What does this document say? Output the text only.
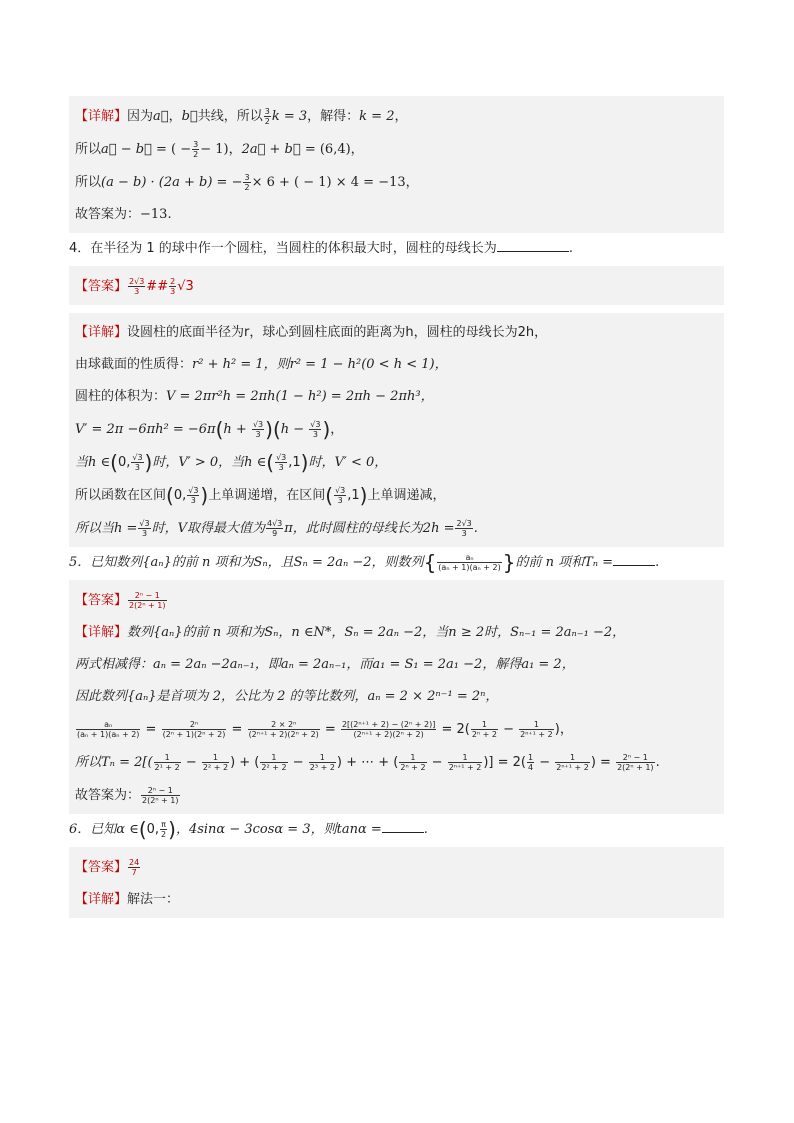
【详解】因为a⃗，b⃗共线，所以 $\frac{3}{2}$ k = 3，解得：k = 2，
所以a⃗ − b⃗ = ( − $\frac{3}{2} - 1$)，2a⃗ + b⃗ = (6,4)，
所以(a − b) · (2a + b) = − $\frac{3}{2} \times 6$ + ( − 1) × 4 = −13，
故答案为：−13.
4．在半径为 1 的球中作一个圆柱，当圆柱的体积最大时，圆柱的母线长为	.
【答案】 $\frac{2√3}{3}$ ## $\frac{2}{3} √3$
【详解】设圆柱的底面半径为r，球心到圆柱底面的距离为h，圆柱的母线长为2h，
由球截面的性质得：r² + h² = 1，则r² = 1 − h²(0 < h < 1)，
圆柱的体积为：V = 2πr²h = 2πh(1 − h²) = 2πh − 2πh³，
$V' = 2\pi -6\pi h^2 = -6\pi(h + \frac{√3}{3} )(h - \frac{√3}{3}$ )，
当h ∈(0, $\frac{√3}{3}$ )时，V′ > 0，当h ∈( $\frac{√3}{3} ,1$)时，V′ < 0，
所以函数在区间(0, $\frac{√3}{3}$ )上单调递增，在区间( $\frac{√3}{3} ,1$)上单调递减，
所以当$h = \frac{√3}{3}$ 时，V取得最大值为 $\frac{4√3}{9}$ π，此时圆柱的母线长为$2h = \frac{2√3}{3}$ .
5．已知数列{aₙ}的前 n 项和为Sₙ，且Sₙ = 2aₙ −2，则数列{ $\frac{\text{aₙ}}{\text{(aₙ + 1)(aₙ + 2)}}$ }的前 n 项和Tₙ =	.
【答案】 $\frac{\text{2ⁿ − 1}}{\text{2(2ⁿ + 1)}}$
【详解】数列{aₙ}的前 n 项和为Sₙ，n ∈N*，Sₙ = 2aₙ −2，当n ≥ 2时，Sₙ₋₁ = 2aₙ₋₁ −2，
两式相减得：aₙ = 2aₙ −2aₙ₋₁，即aₙ = 2aₙ₋₁，而a₁ = S₁ = 2a₁ −2，解得a₁ = 2，
因此数列{aₙ}是首项为 2，公比为 2 的等比数列，aₙ = 2 × 2ⁿ⁻¹ = 2ⁿ，
$\frac{\text{aₙ}}{\text{(aₙ + 1)(aₙ + 2)}} = \frac{\text{2ⁿ}}{\text{(2ⁿ + 1)(2ⁿ + 2)}} = \frac{\text{2 × 2ⁿ}}{\text{(2ⁿ⁺¹ + 2)(2ⁿ + 2)}} = \frac{\text{2[(2ⁿ⁺¹ + 2) − (2ⁿ + 2)]}}{\text{(2ⁿ⁺¹ + 2)(2ⁿ + 2)}} = 2( \frac{1}{\text{2ⁿ + 2}} - \frac{1}{\text{2ⁿ⁺¹ + 2}}$ )，
所以$T_n = 2[( \frac{1}{\text{2¹ + 2}} - \frac{1}{\text{2² + 2}}$ ) + ( $\frac{1}{\text{2² + 2}} - \frac{1}{\text{2³ + 2}}$ ) + ⋯ + ( $\frac{1}{\text{2ⁿ + 2}} - \frac{1}{\text{2ⁿ⁺¹ + 2}}$ )] = $2( \frac{1}{4} - \frac{1}{\text{2ⁿ⁺¹ + 2}}$ ) = $\frac{\text{2ⁿ − 1}}{\text{2(2ⁿ + 1)}}$ .
故答案为： $\frac{\text{2ⁿ − 1}}{\text{2(2ⁿ + 1)}}$
6．已知α ∈(0, $\frac{\pi}{2}$ )，4sinα − 3cosα = 3，则tanα =	.
【答案】 $\frac{24}{7}$
【详解】解法一：
